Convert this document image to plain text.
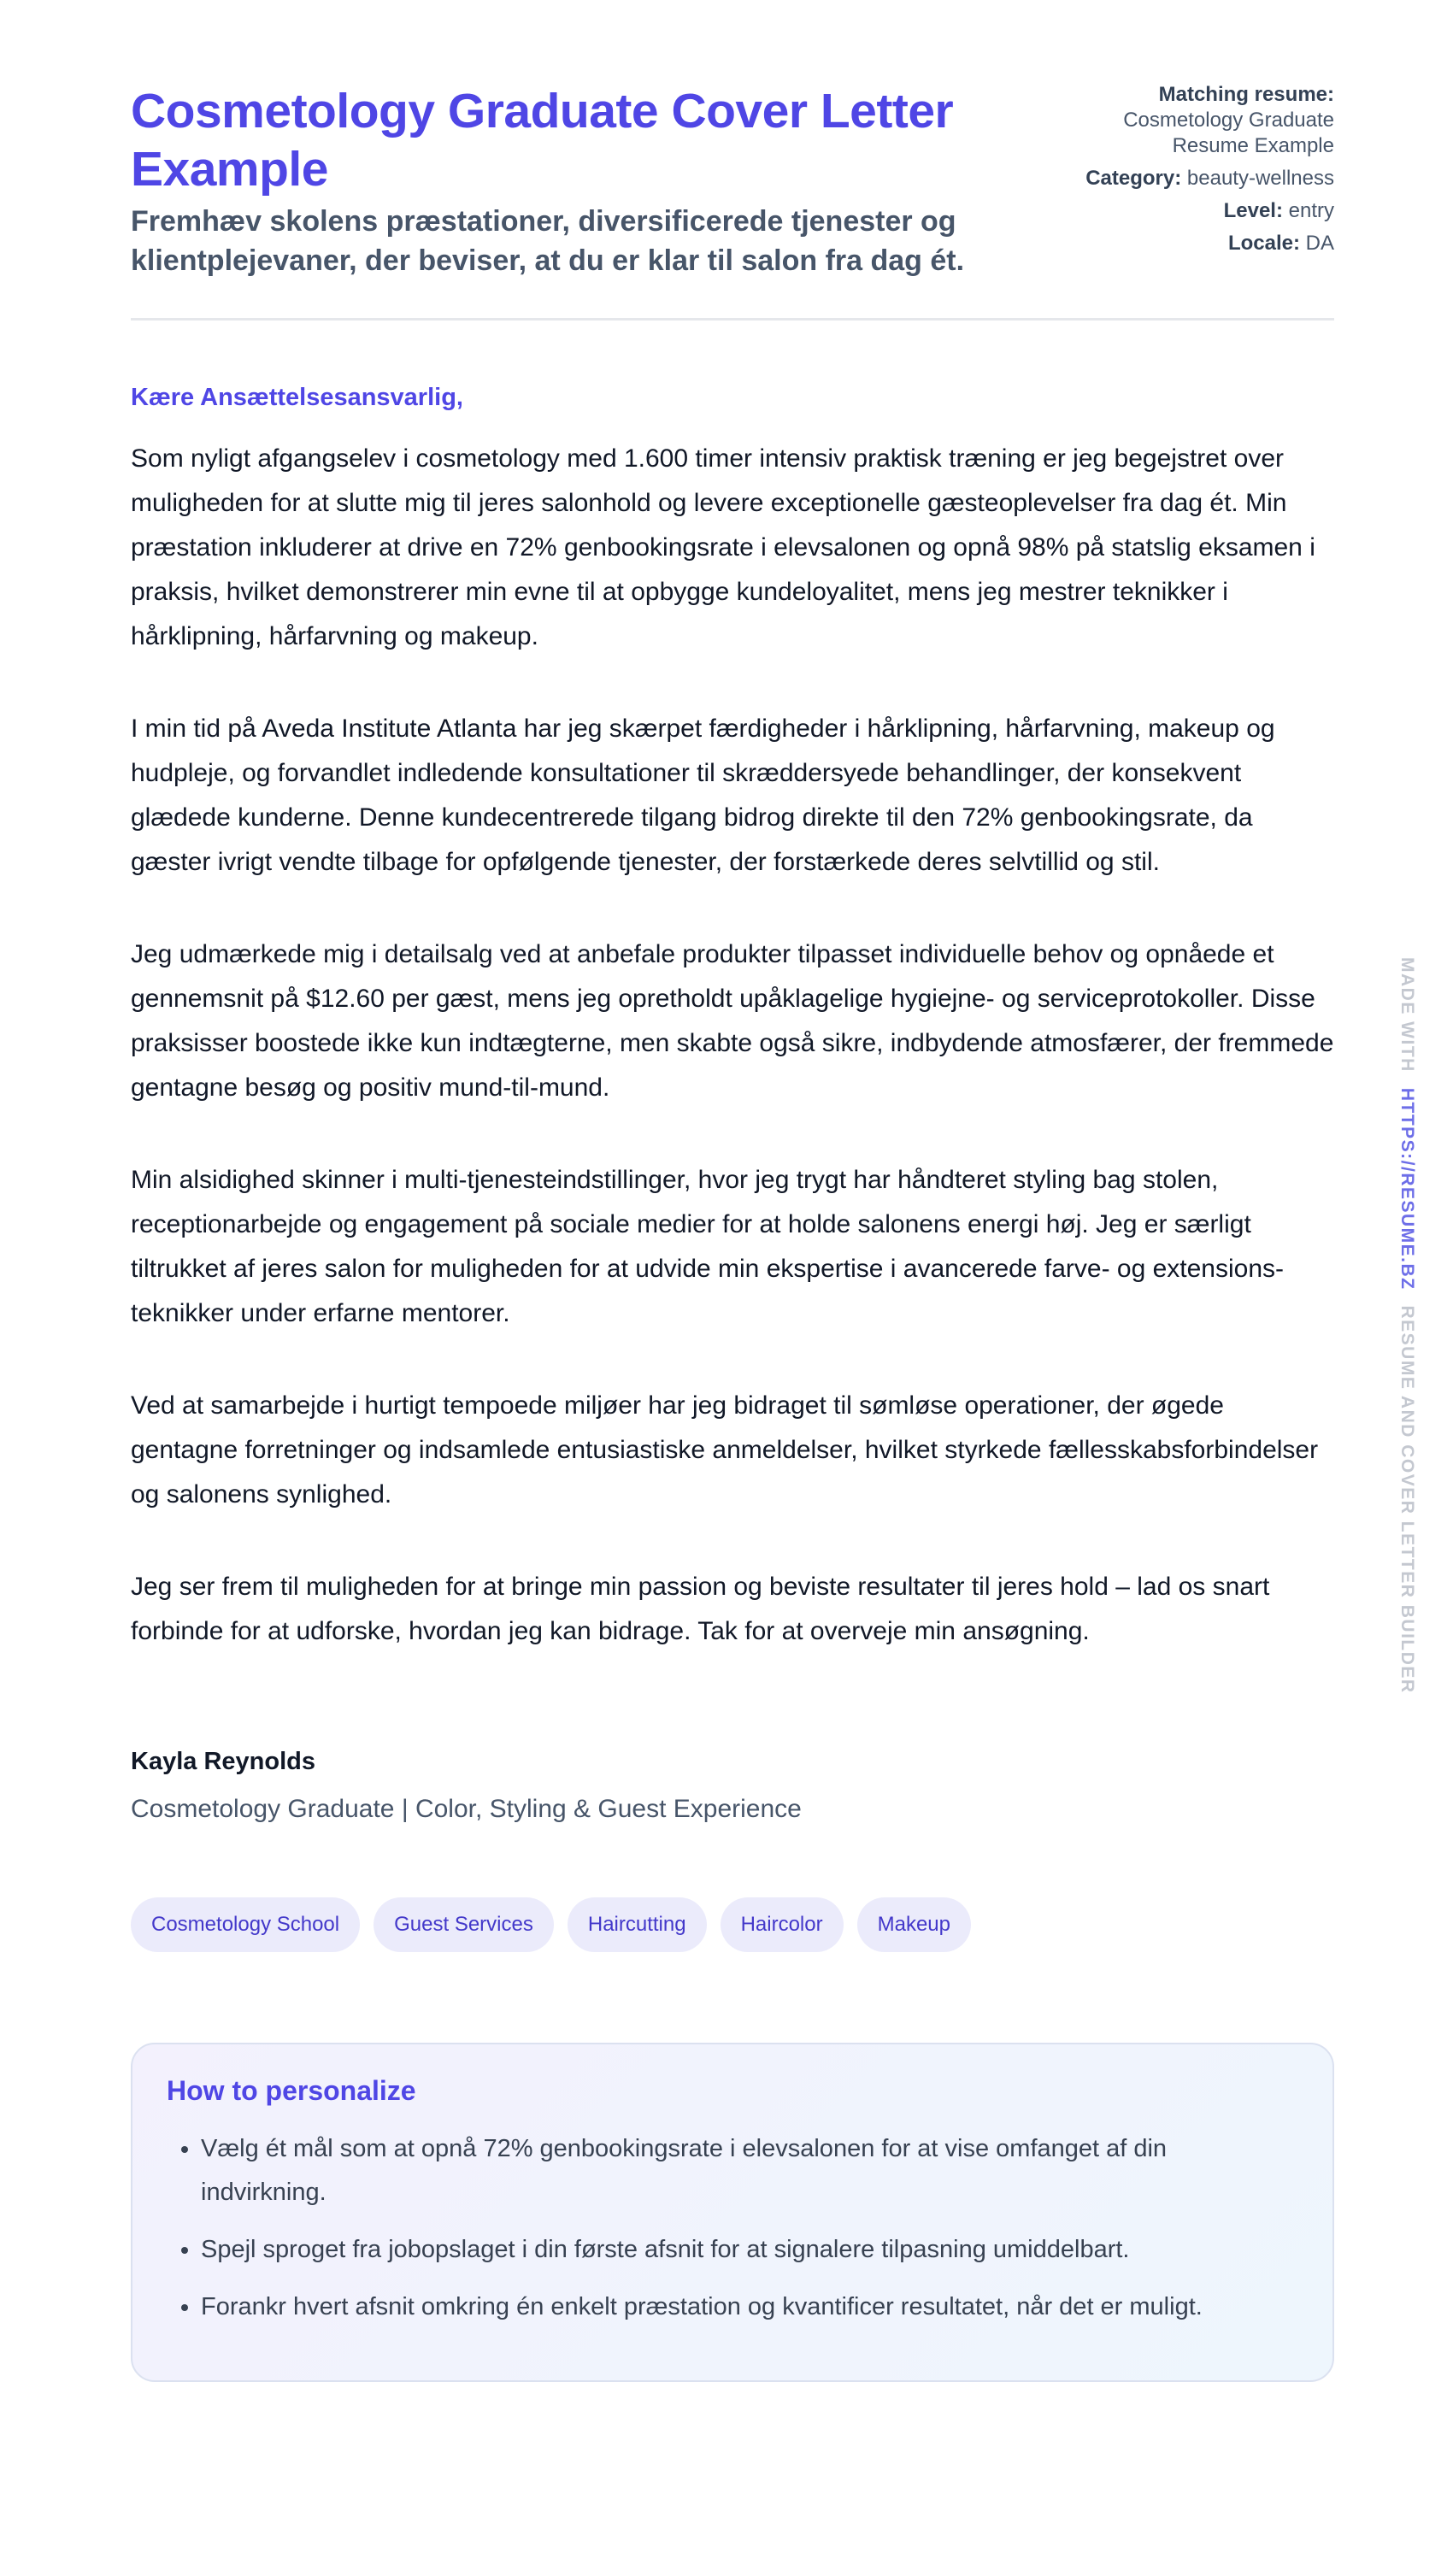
Cosmetology Graduate Cover Letter Example

Fremhæv skolens præstationer, diversificerede tjenester og klientplejevaner, der beviser, at du er klar til salon fra dag ét.

Matching resume:
Cosmetology Graduate
Resume Example
Category: beauty-wellness
Level: entry
Locale: DA
Kære Ansættelsesansvarlig,

Som nyligt afgangselev i cosmetology med 1.600 timer intensiv praktisk træning er jeg begejstret over muligheden for at slutte mig til jeres salonhold og levere exceptionelle gæsteoplevelser fra dag ét. Min præstation inkluderer at drive en 72% genbookingsrate i elevsalonen og opnå 98% på statslig eksamen i praksis, hvilket demonstrerer min evne til at opbygge kundeloyalitet, mens jeg mestrer teknikker i hårklipning, hårfarvning og makeup.

I min tid på Aveda Institute Atlanta har jeg skærpet færdigheder i hårklipning, hårfarvning, makeup og hudpleje, og forvandlet indledende konsultationer til skræddersyede behandlinger, der konsekvent glædede kunderne. Denne kundecentrerede tilgang bidrog direkte til den 72% genbookingsrate, da gæster ivrigt vendte tilbage for opfølgende tjenester, der forstærkede deres selvtillid og stil.

Jeg udmærkede mig i detailsalg ved at anbefale produkter tilpasset individuelle behov og opnåede et gennemsnit på $12.60 per gæst, mens jeg opretholdt upåklagelige hygiejne- og serviceprotokoller. Disse praksisser boostede ikke kun indtægterne, men skabte også sikre, indbydende atmosfærer, der fremmede gentagne besøg og positiv mund-til-mund.

Min alsidighed skinner i multi-tjenesteindstillinger, hvor jeg trygt har håndteret styling bag stolen, receptionarbejde og engagement på sociale medier for at holde salonens energi høj. Jeg er særligt tiltrukket af jeres salon for muligheden for at udvide min ekspertise i avancerede farve- og extensions-teknikker under erfarne mentorer.

Ved at samarbejde i hurtigt tempoede miljøer har jeg bidraget til sømløse operationer, der øgede gentagne forretninger og indsamlede entusiastiske anmeldelser, hvilket styrkede fællesskabsforbindelser og salonens synlighed.

Jeg ser frem til muligheden for at bringe min passion og beviste resultater til jeres hold – lad os snart forbinde for at udforske, hvordan jeg kan bidrage. Tak for at overveje min ansøgning.

Kayla Reynolds
Cosmetology Graduate | Color, Styling & Guest Experience
Cosmetology School	Guest Services	Haircutting	Haircolor	Makeup
How to personalize
• Vælg ét mål som at opnå 72% genbookingsrate i elevsalonen for at vise omfanget af din indvirkning.
• Spejl sproget fra jobopslaget i din første afsnit for at signalere tilpasning umiddelbart.
• Forankr hvert afsnit omkring én enkelt præstation og kvantificer resultatet, når det er muligt.
MADE WITHHTTPS://RESUME.BZRESUME AND COVER LETTER BUILDER
